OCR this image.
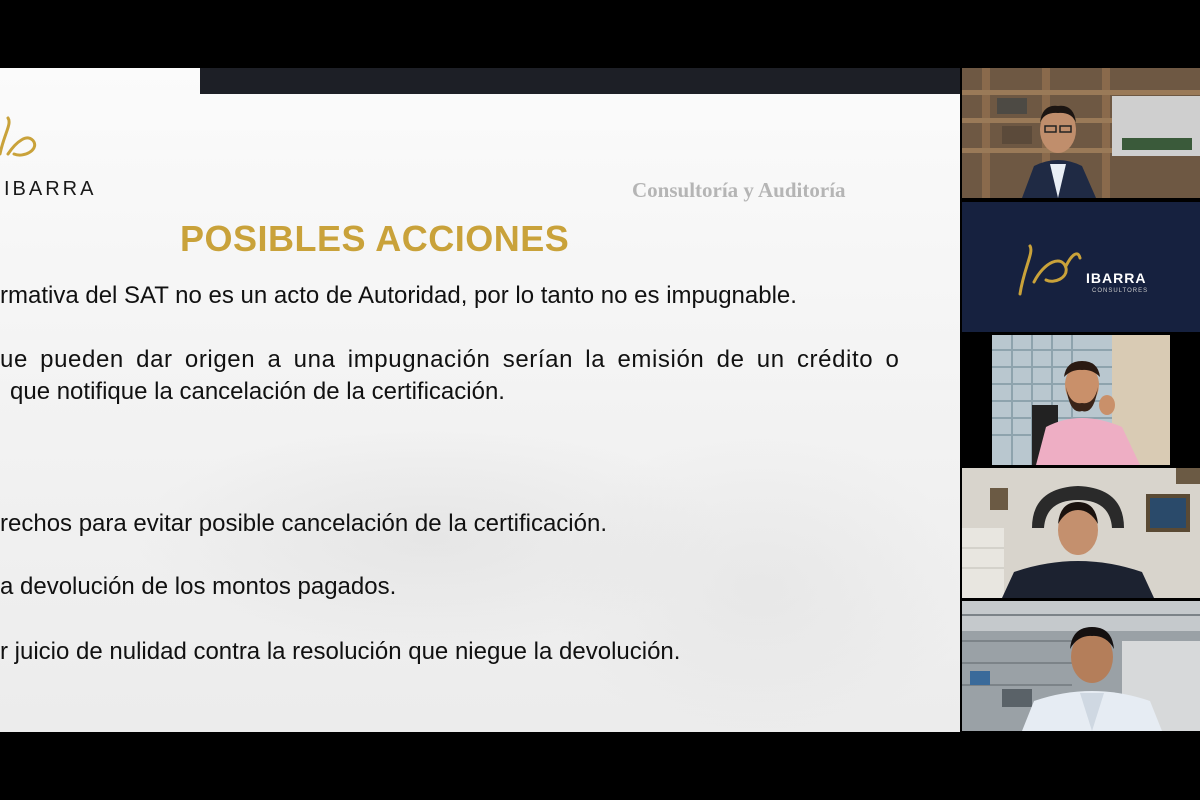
IBARRA	Consultoría y Auditoría
POSIBLES ACCIONES
rmativa del SAT no es un acto de Autoridad, por lo tanto no es impugnable.
ue pueden dar origen a una impugnación serían la emisión de un crédito o
que notifique la cancelación de la certificación.
rechos para evitar posible cancelación de la certificación.
a devolución de los montos pagados.
r juicio de nulidad contra la resolución que niegue la devolución.
IBARRA
CONSULTORES
